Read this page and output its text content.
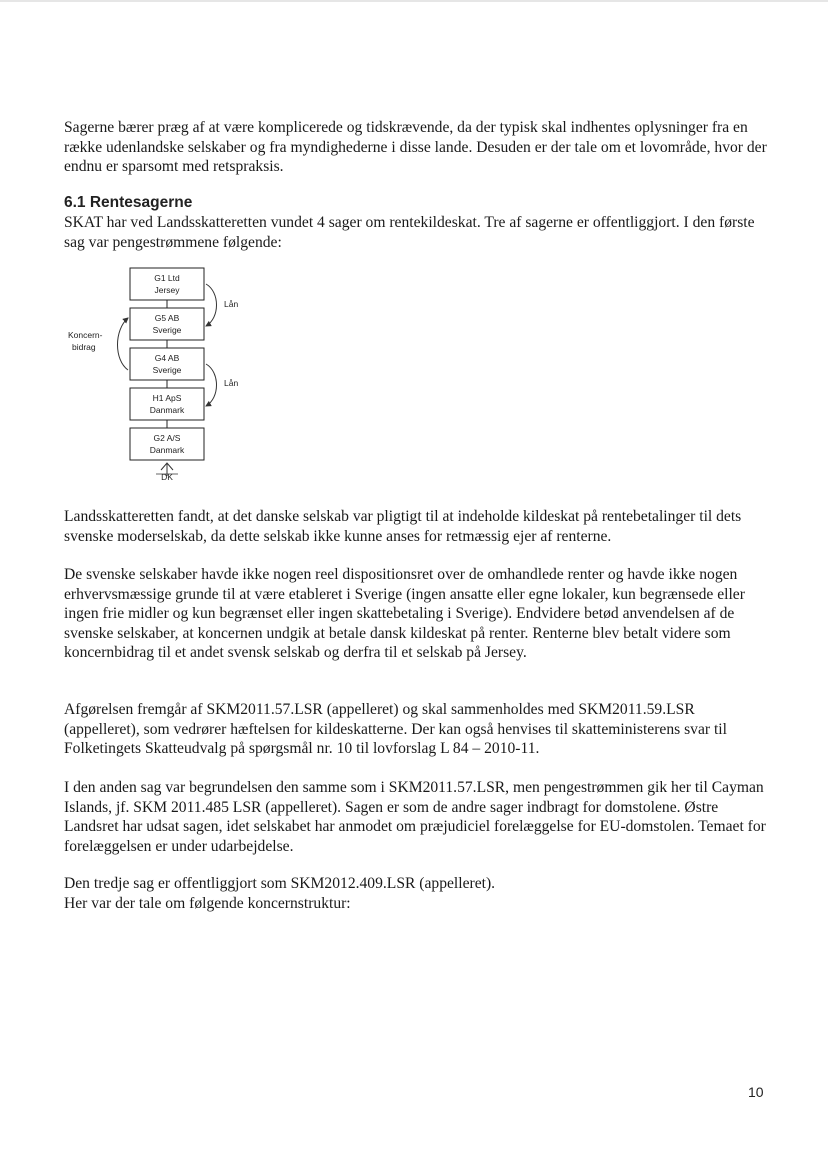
Sagerne bærer præg af at være komplicerede og tidskrævende, da der typisk skal indhentes oplysninger fra en række udenlandske selskaber og fra myndighederne i disse lande. Desuden er der tale om et lovområde, hvor der endnu er sparsomt med retspraksis.

6.1 Rentesagerne

SKAT har ved Landsskatteretten vundet 4 sager om rentekildeskat. Tre af sagerne er offentliggjort. I den første sag var pengestrømmene følgende:

G1 Ltd
Jersey
G5 AB
Sverige
G4 AB
Sverige
H1 ApS
Danmark
G2 A/S
Danmark
Lån
Lån
Koncern-
bidrag
DK

Landsskatteretten fandt, at det danske selskab var pligtigt til at indeholde kildeskat på rentebetalinger til dets svenske moderselskab, da dette selskab ikke kunne anses for retmæssig ejer af renterne.

De svenske selskaber havde ikke nogen reel dispositionsret over de omhandlede renter og havde ikke nogen erhvervsmæssige grunde til at være etableret i Sverige (ingen ansatte eller egne lokaler, kun begrænsede eller ingen frie midler og kun begrænset eller ingen skattebetaling i Sverige). Endvidere betød anvendelsen af de svenske selskaber, at koncernen undgik at betale dansk kildeskat på renter. Renterne blev betalt videre som koncernbidrag til et andet svensk selskab og derfra til et selskab på Jersey.

Afgørelsen fremgår af SKM2011.57.LSR (appelleret) og skal sammenholdes med SKM2011.59.LSR (appelleret), som vedrører hæftelsen for kildeskatterne. Der kan også henvises til skatteministerens svar til Folketingets Skatteudvalg på spørgsmål nr. 10 til lovforslag L 84 – 2010-11.

I den anden sag var begrundelsen den samme som i SKM2011.57.LSR, men pengestrømmen gik her til Cayman Islands, jf. SKM 2011.485 LSR (appelleret). Sagen er som de andre sager indbragt for domstolene. Østre Landsret har udsat sagen, idet selskabet har anmodet om præjudiciel forelæggelse for EU-domstolen. Temaet for forelæggelsen er under udarbejdelse.

Den tredje sag er offentliggjort som SKM2012.409.LSR (appelleret).
Her var der tale om følgende koncernstruktur:
10
